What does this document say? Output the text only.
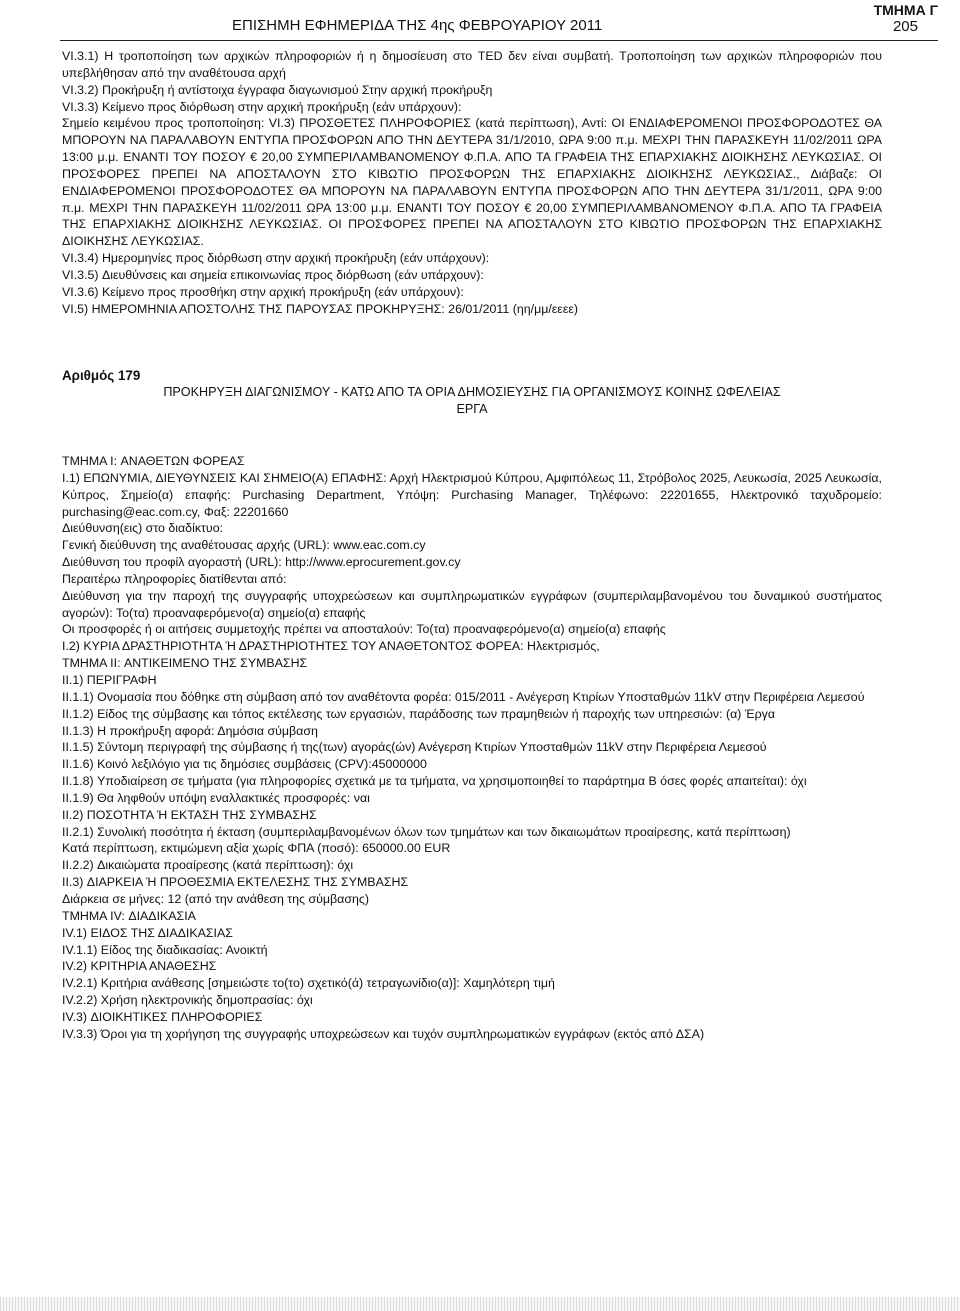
ΕΠΙΣΗΜΗ ΕΦΗΜΕΡΙΔΑ ΤΗΣ 4ης ΦΕΒΡΟΥΑΡΙΟΥ 2011
ΤΜΗΜΑ Γ
205

VI.3.1) Η τροποποίηση των αρχικών πληροφοριών ή η δημοσίευση στο TED δεν είναι συμβατή. Τροποποίηση των αρχικών πληροφοριών που υπεβλήθησαν από την αναθέτουσα αρχή

VI.3.2) Προκήρυξη ή αντίστοιχα έγγραφα διαγωνισμού Στην αρχική προκήρυξη

VI.3.3) Κείμενο προς διόρθωση στην αρχική προκήρυξη (εάν υπάρχουν):

Σημείο κειμένου προς τροποποίηση: VI.3) ΠΡΟΣΘΕΤΕΣ ΠΛΗΡΟΦΟΡΙΕΣ (κατά περίπτωση), Αντί: ΟΙ ΕΝΔΙΑΦΕΡΟΜΕΝΟΙ ΠΡΟΣΦΟΡΟΔΟΤΕΣ ΘΑ ΜΠΟΡΟΥΝ ΝΑ ΠΑΡΑΛΑΒΟΥΝ ΕΝΤΥΠΑ ΠΡΟΣΦΟΡΩΝ ΑΠΟ ΤΗΝ ΔΕΥΤΕΡΑ 31/1/2010, ΩΡΑ 9:00 π.μ. ΜΕΧΡΙ ΤΗΝ ΠΑΡΑΣΚΕΥΗ 11/02/2011 ΩΡΑ 13:00 μ.μ. ΕΝΑΝΤΙ ΤΟΥ ΠΟΣΟΥ € 20,00 ΣΥΜΠΕΡΙΛΑΜΒΑΝΟΜΕΝΟΥ Φ.Π.Α. ΑΠΟ ΤΑ ΓΡΑΦΕΙΑ ΤΗΣ ΕΠΑΡΧΙΑΚΗΣ ΔΙΟΙΚΗΣΗΣ ΛΕΥΚΩΣΙΑΣ. ΟΙ ΠΡΟΣΦΟΡΕΣ ΠΡΕΠΕΙ ΝΑ ΑΠΟΣΤΑΛΟΥΝ ΣΤΟ ΚΙΒΩΤΙΟ ΠΡΟΣΦΟΡΩΝ ΤΗΣ ΕΠΑΡΧΙΑΚΗΣ ΔΙΟΙΚΗΣΗΣ ΛΕΥΚΩΣΙΑΣ., Διάβαζε: ΟΙ ΕΝΔΙΑΦΕΡΟΜΕΝΟΙ ΠΡΟΣΦΟΡΟΔΟΤΕΣ ΘΑ ΜΠΟΡΟΥΝ ΝΑ ΠΑΡΑΛΑΒΟΥΝ ΕΝΤΥΠΑ ΠΡΟΣΦΟΡΩΝ ΑΠΟ ΤΗΝ ΔΕΥΤΕΡΑ 31/1/2011, ΩΡΑ 9:00 π.μ. ΜΕΧΡΙ ΤΗΝ ΠΑΡΑΣΚΕΥΗ 11/02/2011 ΩΡΑ 13:00 μ.μ. ΕΝΑΝΤΙ ΤΟΥ ΠΟΣΟΥ € 20,00 ΣΥΜΠΕΡΙΛΑΜΒΑΝΟΜΕΝΟΥ Φ.Π.Α. ΑΠΟ ΤΑ ΓΡΑΦΕΙΑ ΤΗΣ ΕΠΑΡΧΙΑΚΗΣ ΔΙΟΙΚΗΣΗΣ ΛΕΥΚΩΣΙΑΣ. ΟΙ ΠΡΟΣΦΟΡΕΣ ΠΡΕΠΕΙ ΝΑ ΑΠΟΣΤΑΛΟΥΝ ΣΤΟ ΚΙΒΩΤΙΟ ΠΡΟΣΦΟΡΩΝ ΤΗΣ ΕΠΑΡΧΙΑΚΗΣ ΔΙΟΙΚΗΣΗΣ ΛΕΥΚΩΣΙΑΣ.

VI.3.4) Ημερομηνίες προς διόρθωση στην αρχική προκήρυξη (εάν υπάρχουν):

VI.3.5) Διευθύνσεις και σημεία επικοινωνίας προς διόρθωση (εάν υπάρχουν):

VI.3.6) Κείμενο προς προσθήκη στην αρχική προκήρυξη (εάν υπάρχουν):

VI.5) ΗΜΕΡΟΜΗΝΙΑ ΑΠΟΣΤΟΛΗΣ ΤΗΣ ΠΑΡΟΥΣΑΣ ΠΡΟΚΗΡΥΞΗΣ: 26/01/2011 (ηη/μμ/εεεε)

Αριθμός 179

ΠΡΟΚΗΡΥΞΗ ΔΙΑΓΩΝΙΣΜΟΥ - ΚΑΤΩ ΑΠΟ ΤΑ ΟΡΙΑ ΔΗΜΟΣΙΕΥΣΗΣ ΓΙΑ ΟΡΓΑΝΙΣΜΟΥΣ ΚΟΙΝΗΣ ΩΦΕΛΕΙΑΣ

ΕΡΓΑ

ΤΜΗΜΑ I: ΑΝΑΘΕΤΩΝ ΦΟΡΕΑΣ

I.1) ΕΠΩΝΥΜΙΑ, ΔΙΕΥΘΥΝΣΕΙΣ ΚΑΙ ΣΗΜΕΙΟ(Α) ΕΠΑΦΗΣ: Αρχή Ηλεκτρισμού Κύπρου, Αμφιπόλεως 11, Στρόβολος 2025, Λευκωσία, 2025 Λευκωσία, Κύπρος, Σημείο(α) επαφής: Purchasing Department, Υπόψη: Purchasing Manager, Τηλέφωνο: 22201655, Ηλεκτρονικό ταχυδρομείο: purchasing@eac.com.cy, Φαξ: 22201660

Διεύθυνση(εις) στο διαδίκτυο:

Γενική διεύθυνση της αναθέτουσας αρχής (URL): www.eac.com.cy

Διεύθυνση του προφίλ αγοραστή (URL): http://www.eprocurement.gov.cy

Περαιτέρω πληροφορίες διατίθενται από:

Διεύθυνση για την παροχή της συγγραφής υποχρεώσεων και συμπληρωματικών εγγράφων (συμπεριλαμβανομένου του δυναμικού συστήματος αγορών): Το(τα) προαναφερόμενο(α) σημείο(α) επαφής

Οι προσφορές ή οι αιτήσεις συμμετοχής πρέπει να αποσταλούν: Το(τα) προαναφερόμενο(α) σημείο(α) επαφής

I.2) ΚΥΡΙΑ ΔΡΑΣΤΗΡΙΟΤΗΤΑ Ή ΔΡΑΣΤΗΡΙΟΤΗΤΕΣ ΤΟΥ ΑΝΑΘΕΤΟΝΤΟΣ ΦΟΡΕΑ: Ηλεκτρισμός,

ΤΜΗΜΑ II: ΑΝΤΙΚΕΙΜΕΝΟ ΤΗΣ ΣΥΜΒΑΣΗΣ

II.1) ΠΕΡΙΓΡΑΦΗ

II.1.1) Ονομασία που δόθηκε στη σύμβαση από τον αναθέτοντα φορέα: 015/2011 - Ανέγερση Κτιρίων Υποσταθμών 11kV στην Περιφέρεια Λεμεσού

II.1.2) Είδος της σύμβασης και τόπος εκτέλεσης των εργασιών, παράδοσης των πραμηθειών ή παροχής των υπηρεσιών: (α) Έργα

II.1.3) Η προκήρυξη αφορά: Δημόσια σύμβαση

II.1.5) Σύντομη περιγραφή της σύμβασης ή της(των) αγοράς(ών) Ανέγερση Κτιρίων Υποσταθμών 11kV στην Περιφέρεια Λεμεσού

II.1.6) Κοινό λεξιλόγιο για τις δημόσιες συμβάσεις (CPV):45000000

II.1.8) Υποδιαίρεση σε τμήματα (για πληροφορίες σχετικά με τα τμήματα, να χρησιμοποιηθεί το παράρτημα Β όσες φορές απαιτείται): όχι

II.1.9) Θα ληφθούν υπόψη εναλλακτικές προσφορές: ναι

II.2) ΠΟΣΟΤΗΤΑ Ή ΕΚΤΑΣΗ ΤΗΣ ΣΥΜΒΑΣΗΣ

II.2.1) Συνολική ποσότητα ή έκταση (συμπεριλαμβανομένων όλων των τμημάτων και των δικαιωμάτων προαίρεσης, κατά περίπτωση)

Κατά περίπτωση, εκτιμώμενη αξία χωρίς ΦΠΑ (ποσό): 650000.00 EUR

II.2.2) Δικαιώματα προαίρεσης (κατά περίπτωση): όχι

II.3) ΔΙΑΡΚΕΙΑ Ή ΠΡΟΘΕΣΜΙΑ ΕΚΤΕΛΕΣΗΣ ΤΗΣ ΣΥΜΒΑΣΗΣ

Διάρκεια σε μήνες: 12 (από την ανάθεση της σύμβασης)

ΤΜΗΜΑ IV: ΔΙΑΔΙΚΑΣΙΑ

IV.1) ΕΙΔΟΣ ΤΗΣ ΔΙΑΔΙΚΑΣΙΑΣ

IV.1.1) Είδος της διαδικασίας: Ανοικτή

IV.2) ΚΡΙΤΗΡΙΑ ΑΝΑΘΕΣΗΣ

IV.2.1) Κριτήρια ανάθεσης [σημειώστε το(το) σχετικό(ά) τετραγωνίδιο(α)]: Χαμηλότερη τιμή

IV.2.2) Χρήση ηλεκτρονικής δημοπρασίας: όχι

IV.3) ΔΙΟΙΚΗΤΙΚΕΣ ΠΛΗΡΟΦΟΡΙΕΣ

IV.3.3) Όροι για τη χορήγηση της συγγραφής υποχρεώσεων και τυχόν συμπληρωματικών εγγράφων (εκτός από ΔΣΑ)
